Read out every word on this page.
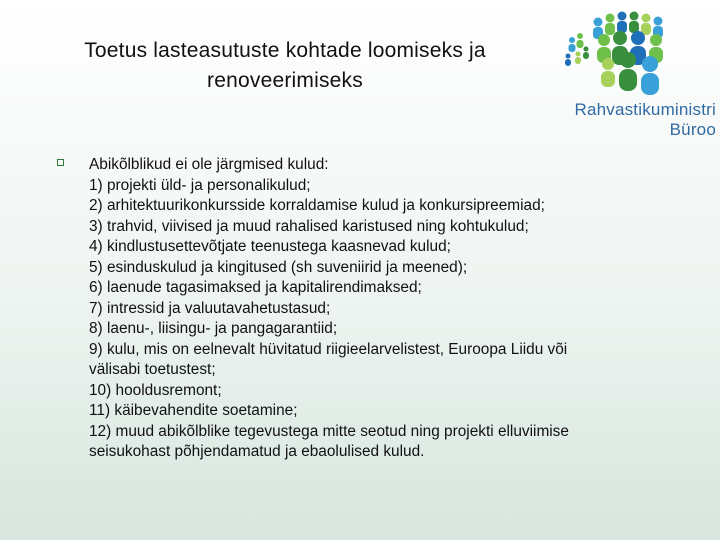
Toetus lasteasutuste kohtade loomiseks ja
renoveerimiseks
Rahvastikuministri Büroo
Abikõlblikud ei ole järgmised kulud:
1) projekti üld- ja personalikulud;
2) arhitektuurikonkursside korraldamise kulud ja konkursipreemiad;
3) trahvid, viivised ja muud rahalised karistused ning kohtukulud;
4) kindlustusettevõtjate teenustega kaasnevad kulud;
5) esinduskulud ja kingitused (sh suveniirid ja meened);
6) laenude tagasimaksed ja kapitalirendimaksed;
7) intressid ja valuutavahetustasud;
8) laenu-, liisingu- ja pangagarantiid;
9) kulu, mis on eelnevalt hüvitatud riigieelarvelistest, Euroopa Liidu või
välisabi toetustest;
10) hooldusremont;
11) käibevahendite soetamine;
12) muud abikõlblike tegevustega mitte seotud ning projekti elluviimise
seisukohast põhjendamatud ja ebaolulised kulud.
